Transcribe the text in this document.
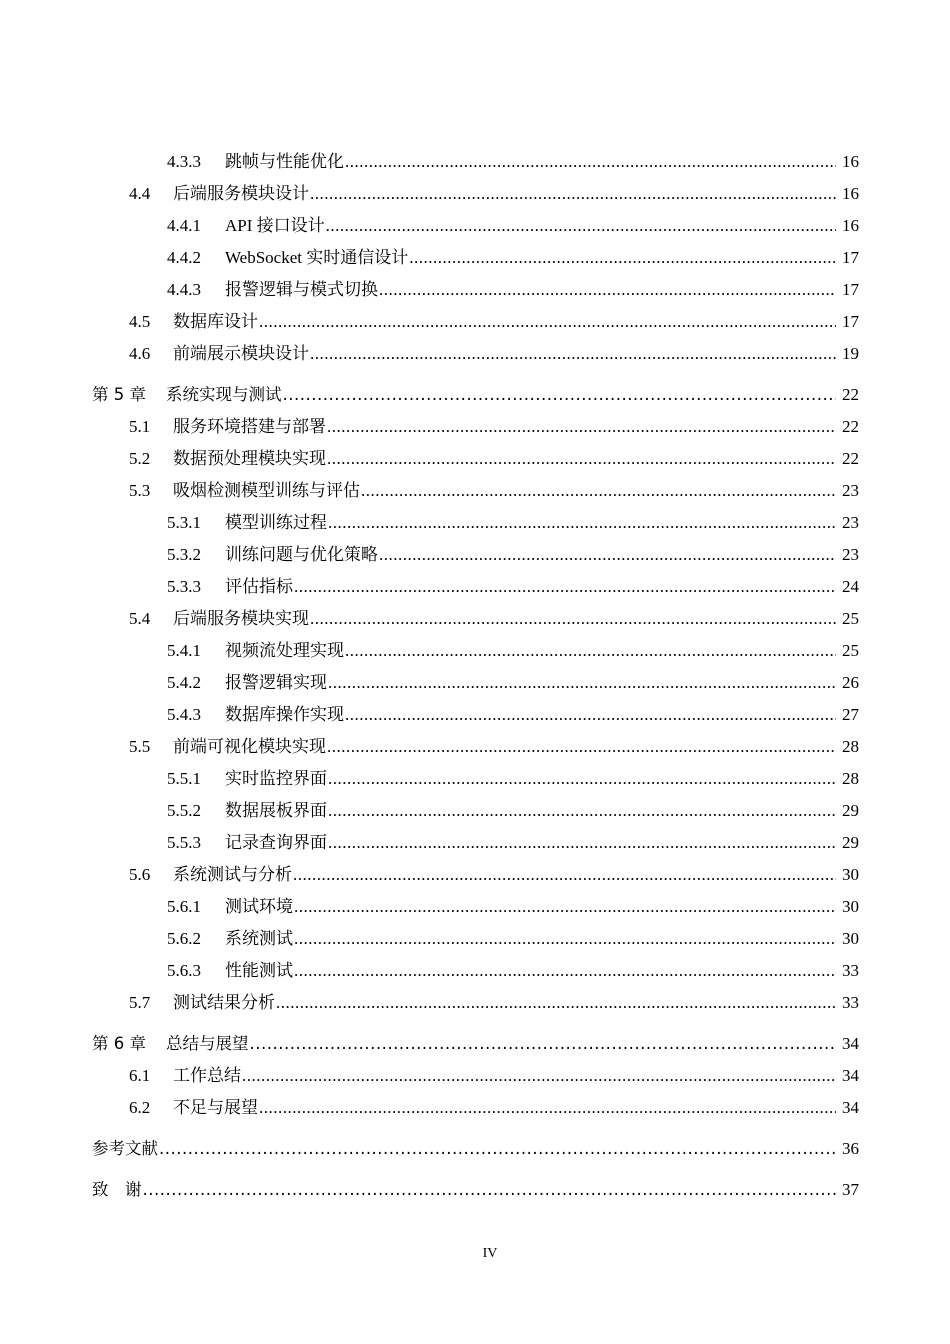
4.3.3	跳帧与性能优化 .....	16
4.4	后端服务模块设计 .....	16
4.4.1	API 接口设计 .....	16
4.4.2	WebSocket 实时通信设计 .....	17
4.4.3	报警逻辑与模式切换 .....	17
4.5	数据库设计 .....	17
4.6	前端展示模块设计 .....	19
第 5 章	系统实现与测试 .....	22
5.1	服务环境搭建与部署 .....	22
5.2	数据预处理模块实现 .....	22
5.3	吸烟检测模型训练与评估 .....	23
5.3.1	模型训练过程 .....	23
5.3.2	训练问题与优化策略 .....	23
5.3.3	评估指标 .....	24
5.4	后端服务模块实现 .....	25
5.4.1	视频流处理实现 .....	25
5.4.2	报警逻辑实现 .....	26
5.4.3	数据库操作实现 .....	27
5.5	前端可视化模块实现 .....	28
5.5.1	实时监控界面 .....	28
5.5.2	数据展板界面 .....	29
5.5.3	记录查询界面 .....	29
5.6	系统测试与分析 .....	30
5.6.1	测试环境 .....	30
5.6.2	系统测试 .....	30
5.6.3	性能测试 .....	33
5.7	测试结果分析 .....	33
第 6 章	总结与展望 .....	34
6.1	工作总结 .....	34
6.2	不足与展望 .....	34
参考文献 .....	36
致　谢 .....	37
IV
